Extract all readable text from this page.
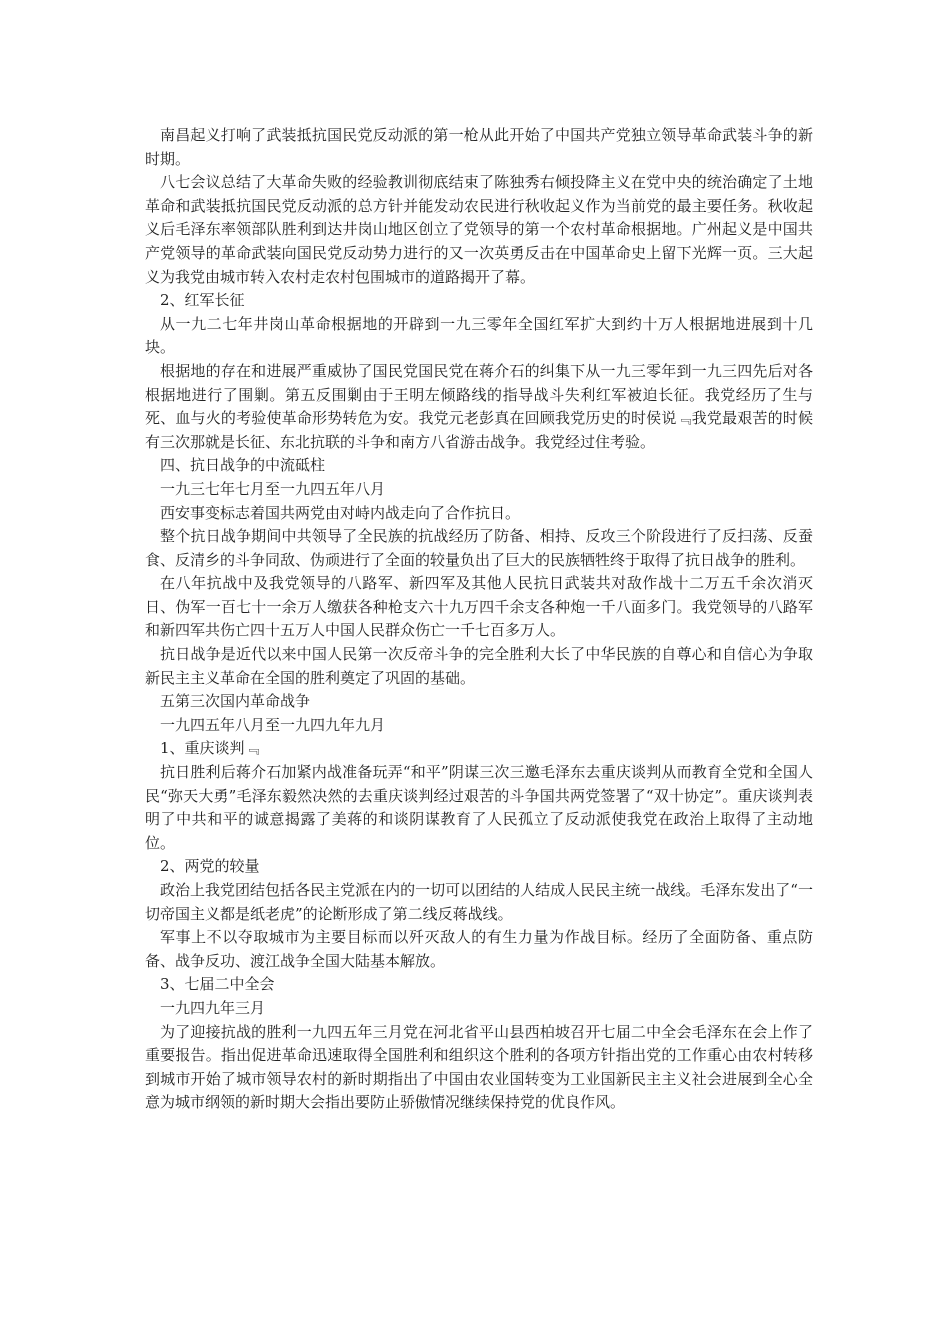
南昌起义打响了武装抵抗国民党反动派的第一枪从此开始了中国共产党独立领导革命武装斗争的新时期。

八七会议总结了大革命失败的经验教训彻底结束了陈独秀右倾投降主义在党中央的统治确定了土地革命和武装抵抗国民党反动派的总方针并能发动农民进行秋收起义作为当前党的最主要任务。秋收起义后毛泽东率领部队胜利到达井岗山地区创立了党领导的第一个农村革命根据地。广州起义是中国共产党领导的革命武装向国民党反动势力进行的又一次英勇反击在中国革命史上留下光辉一页。三大起义为我党由城市转入农村走农村包围城市的道路揭开了幕。

2、红军长征

从一九二七年井岗山革命根据地的开辟到一九三零年全国红军扩大到约十万人根据地进展到十几块。

根据地的存在和进展严重威协了国民党国民党在蒋介石的纠集下从一九三零年到一九三四先后对各根据地进行了围剿。第五反围剿由于王明左倾路线的指导战斗失利红军被迫长征。我党经历了生与死、血与火的考验使革命形势转危为安。我党元老彭真在回顾我党历史的时侯说﹃我党最艰苦的时候有三次那就是长征、东北抗联的斗争和南方八省游击战争。我党经过住考验。

四、抗日战争的中流砥柱

一九三七年七月至一九四五年八月

西安事变标志着国共两党由对峙内战走向了合作抗日。

整个抗日战争期间中共领导了全民族的抗战经历了防备、相持、反攻三个阶段进行了反扫荡、反蚕食、反清乡的斗争同敌、伪顽进行了全面的较量负出了巨大的民族牺牲终于取得了抗日战争的胜利。

在八年抗战中及我党领导的八路军、新四军及其他人民抗日武装共对敌作战十二万五千余次消灭日、伪军一百七十一余万人缴获各种枪支六十九万四千余支各种炮一千八面多门。我党领导的八路军和新四军共伤亡四十五万人中国人民群众伤亡一千七百多万人。

抗日战争是近代以来中国人民第一次反帝斗争的完全胜利大长了中华民族的自尊心和自信心为争取新民主主义革命在全国的胜利奠定了巩固的基础。

五第三次国内革命战争

一九四五年八月至一九四九年九月

1、重庆谈判﹃

抗日胜利后蒋介石加紧内战准备玩弄“和平”阴谋三次三邀毛泽东去重庆谈判从而教育全党和全国人民“弥天大勇”毛泽东毅然决然的去重庆谈判经过艰苦的斗争国共两党签署了“双十协定”。重庆谈判表明了中共和平的诚意揭露了美蒋的和谈阴谋教育了人民孤立了反动派使我党在政治上取得了主动地位。

2、两党的较量

政治上我党团结包括各民主党派在内的一切可以团结的人结成人民民主统一战线。毛泽东发出了“一切帝国主义都是纸老虎”的论断形成了第二线反蒋战线。

军事上不以夺取城市为主要目标而以歼灭敌人的有生力量为作战目标。经历了全面防备、重点防备、战争反功、渡江战争全国大陆基本解放。

3、七届二中全会

一九四九年三月

为了迎接抗战的胜利一九四五年三月党在河北省平山县西柏坡召开七届二中全会毛泽东在会上作了重要报告。指出促进革命迅速取得全国胜利和组织这个胜利的各项方针指出党的工作重心由农村转移到城市开始了城市领导农村的新时期指出了中国由农业国转变为工业国新民主主义社会进展到全心全意为城市纲领的新时期大会指出要防止骄傲情况继续保持党的优良作风。
